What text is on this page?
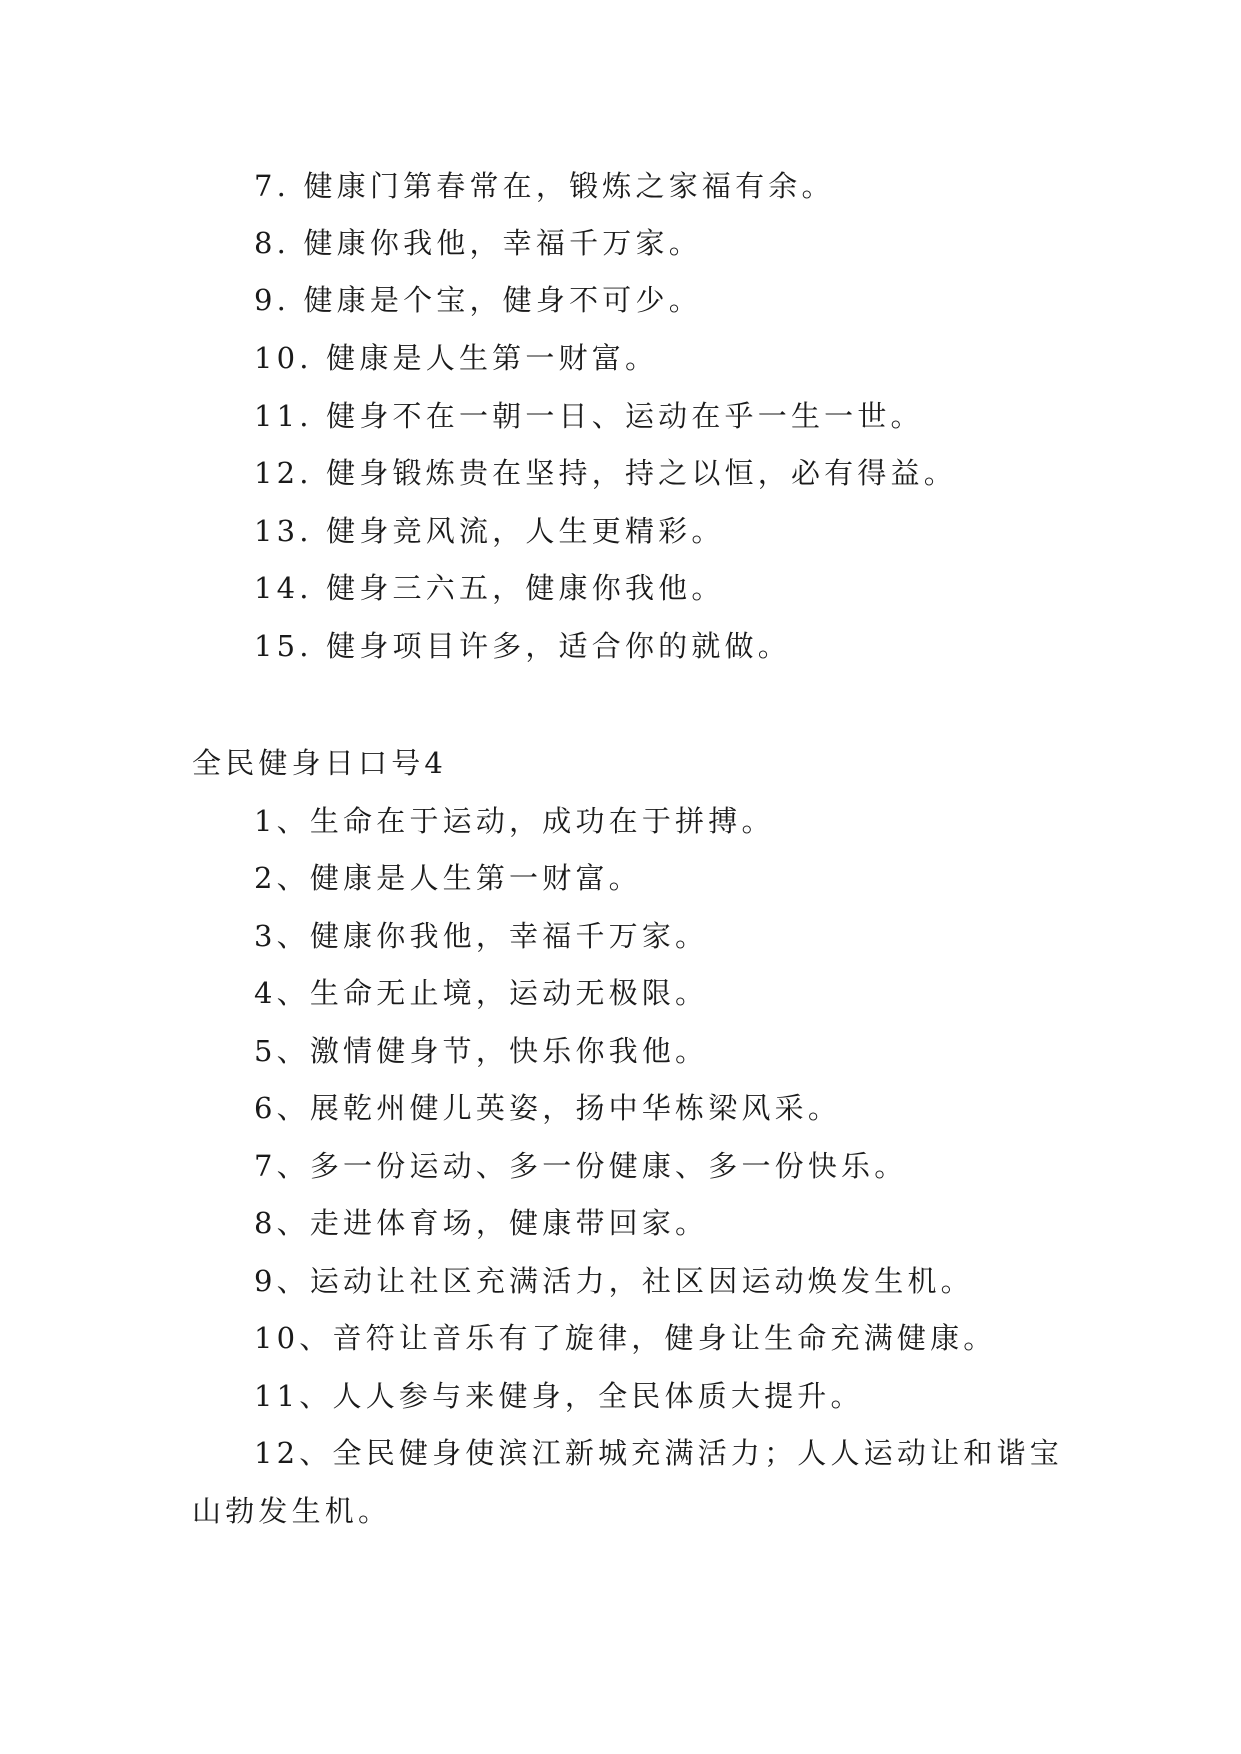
7. 健康门第春常在，锻炼之家福有余。
8. 健康你我他，幸福千万家。
9. 健康是个宝，健身不可少。
10. 健康是人生第一财富。
11. 健身不在一朝一日、运动在乎一生一世。
12. 健身锻炼贵在坚持，持之以恒，必有得益。
13. 健身竞风流，人生更精彩。
14. 健身三六五，健康你我他。
15. 健身项目许多，适合你的就做。
全民健身日口号4
1、生命在于运动，成功在于拼搏。
2、健康是人生第一财富。
3、健康你我他，幸福千万家。
4、生命无止境，运动无极限。
5、激情健身节，快乐你我他。
6、展乾州健儿英姿，扬中华栋梁风采。
7、多一份运动、多一份健康、多一份快乐。
8、走进体育场，健康带回家。
9、运动让社区充满活力，社区因运动焕发生机。
10、音符让音乐有了旋律，健身让生命充满健康。
11、人人参与来健身，全民体质大提升。
12、全民健身使滨江新城充满活力；人人运动让和谐宝
山勃发生机。
